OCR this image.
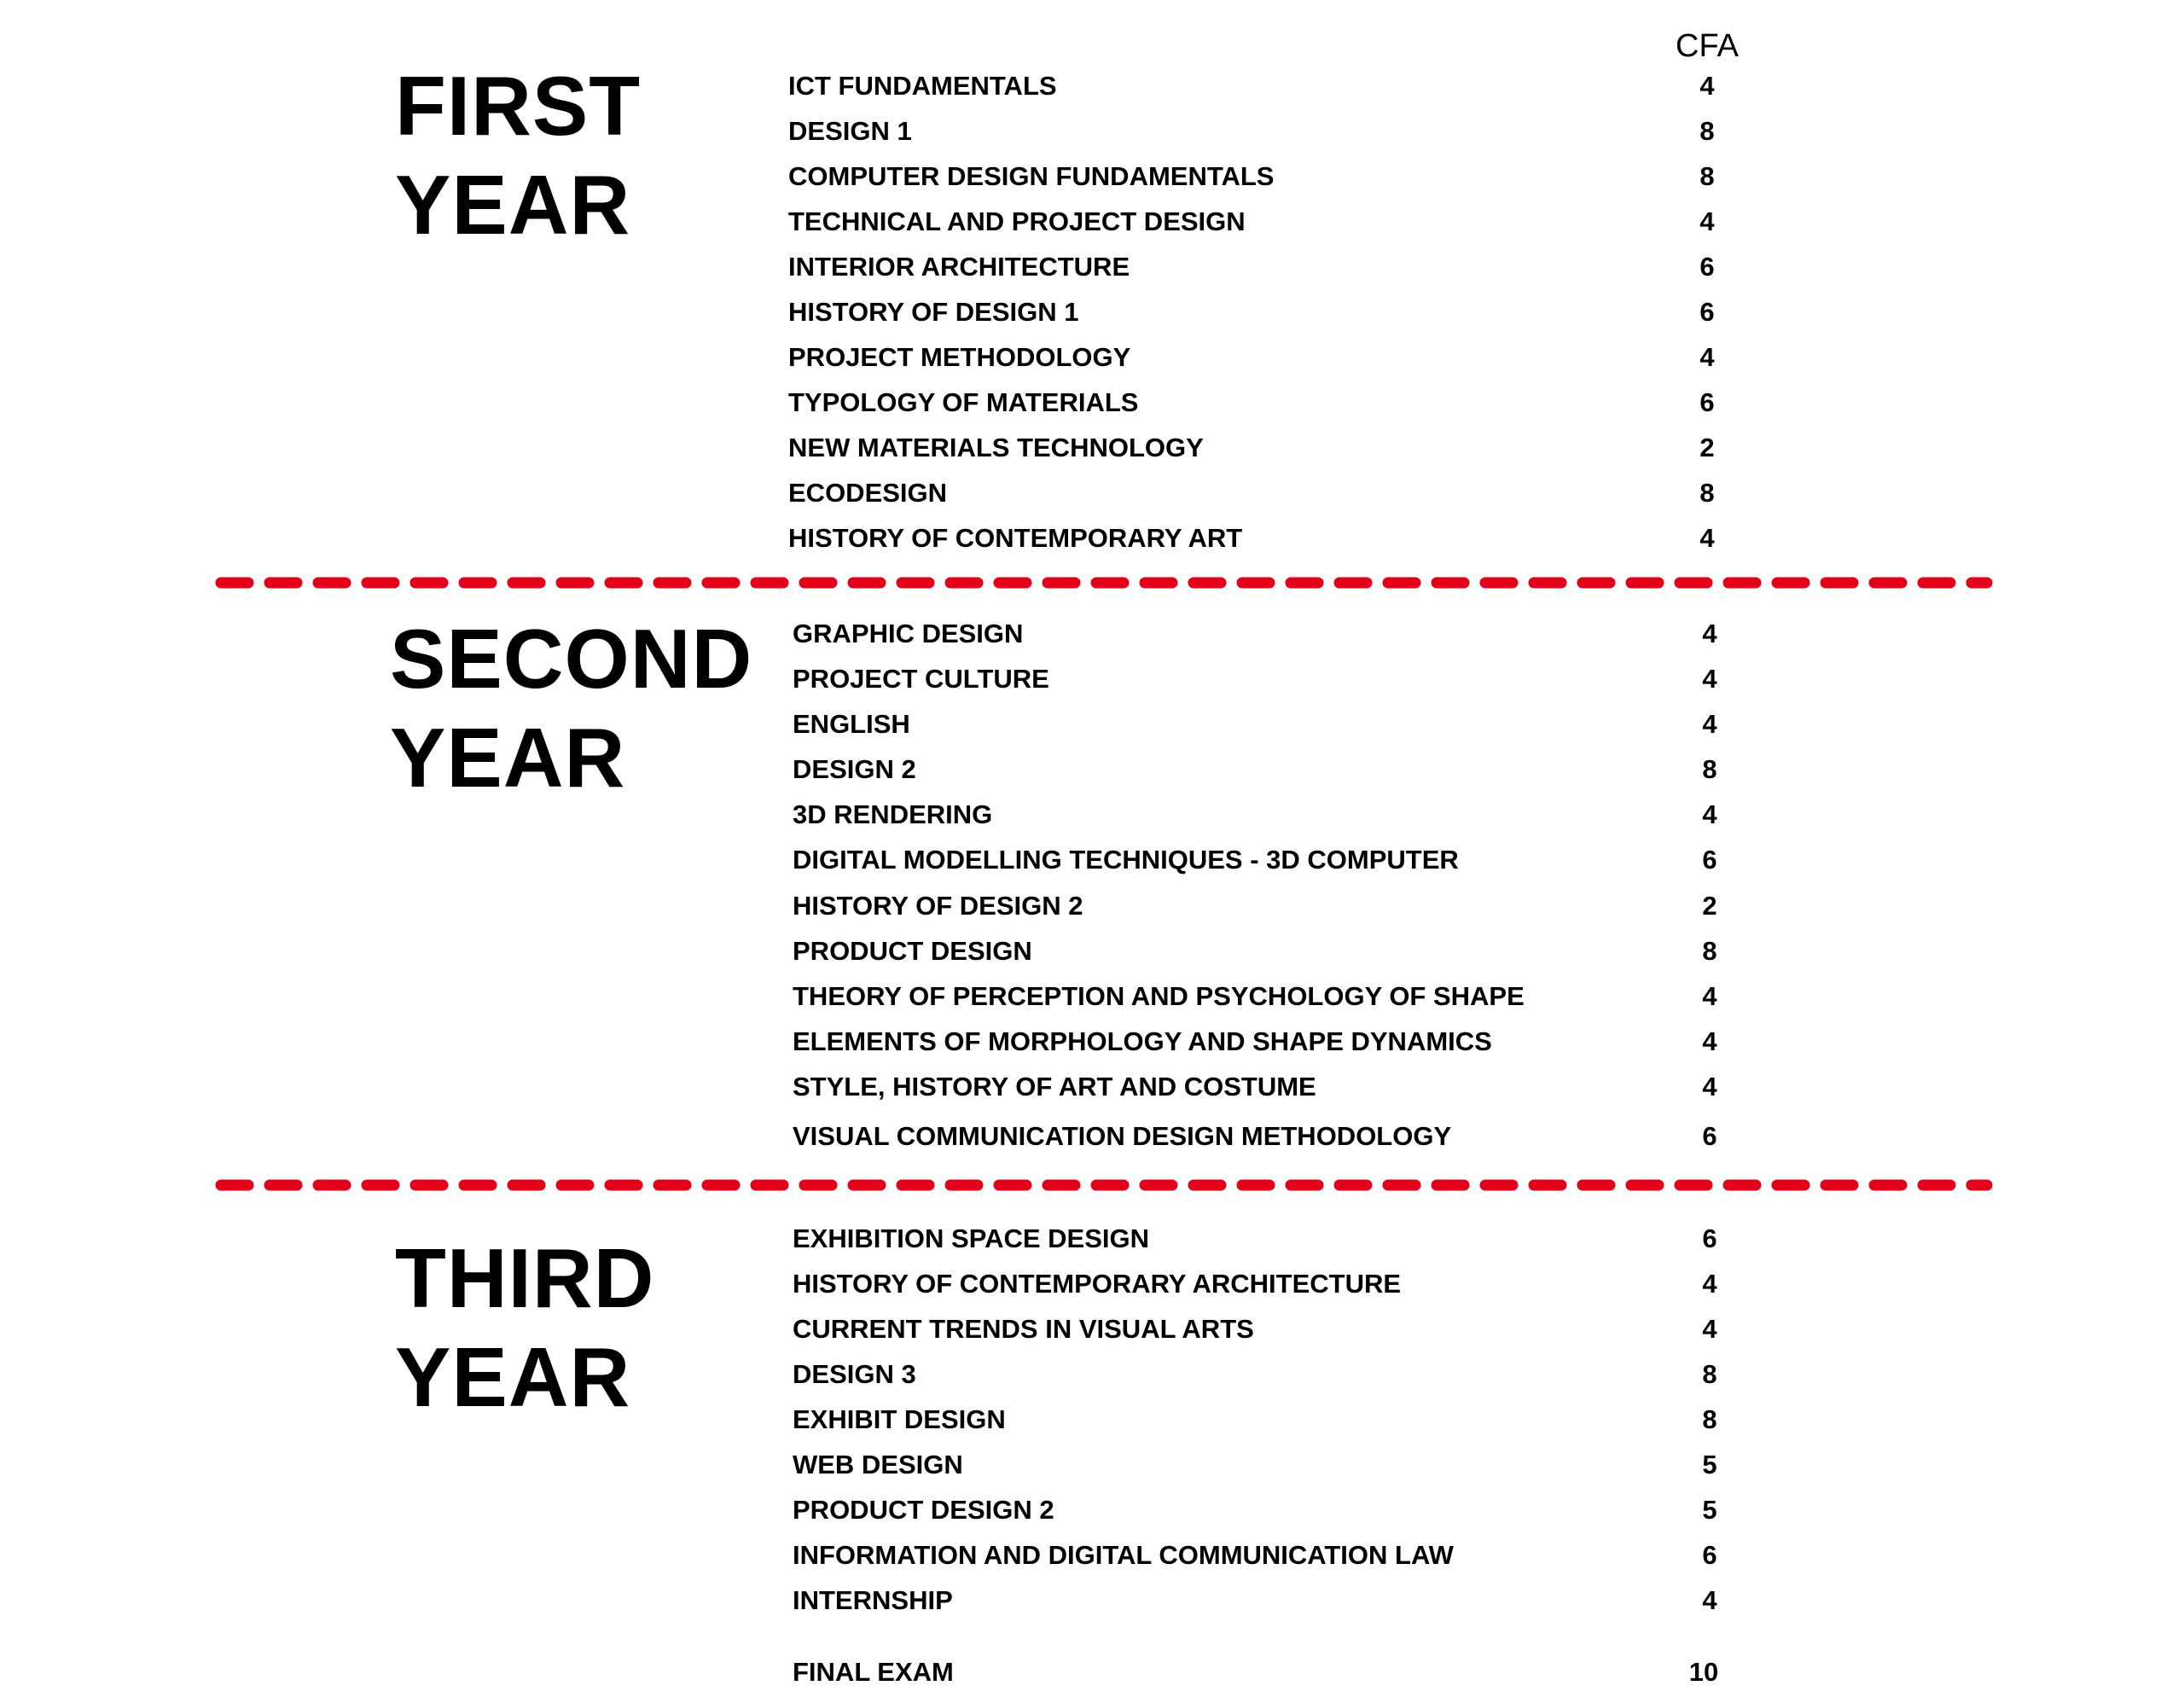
CFA
FIRST
YEAR
ICT FUNDAMENTALS	4
DESIGN 1	8
COMPUTER DESIGN FUNDAMENTALS	8
TECHNICAL AND PROJECT DESIGN	4
INTERIOR ARCHITECTURE	6
HISTORY OF DESIGN 1	6
PROJECT METHODOLOGY	4
TYPOLOGY OF MATERIALS	6
NEW MATERIALS TECHNOLOGY	2
ECODESIGN	8
HISTORY OF CONTEMPORARY ART	4
SECOND
YEAR
GRAPHIC DESIGN	4
PROJECT CULTURE	4
ENGLISH	4
DESIGN 2	8
3D RENDERING	4
DIGITAL MODELLING TECHNIQUES - 3D COMPUTER	6
HISTORY OF DESIGN 2	2
PRODUCT DESIGN	8
THEORY OF PERCEPTION AND PSYCHOLOGY OF SHAPE	4
ELEMENTS OF MORPHOLOGY AND SHAPE DYNAMICS	4
STYLE, HISTORY OF ART AND COSTUME	4
VISUAL COMMUNICATION DESIGN METHODOLOGY	6
THIRD
YEAR
EXHIBITION SPACE DESIGN	6
HISTORY OF CONTEMPORARY ARCHITECTURE	4
CURRENT TRENDS IN VISUAL ARTS	4
DESIGN 3	8
EXHIBIT DESIGN	8
WEB DESIGN	5
PRODUCT DESIGN 2	5
INFORMATION AND DIGITAL COMMUNICATION LAW	6
INTERNSHIP	4
FINAL EXAM	10
